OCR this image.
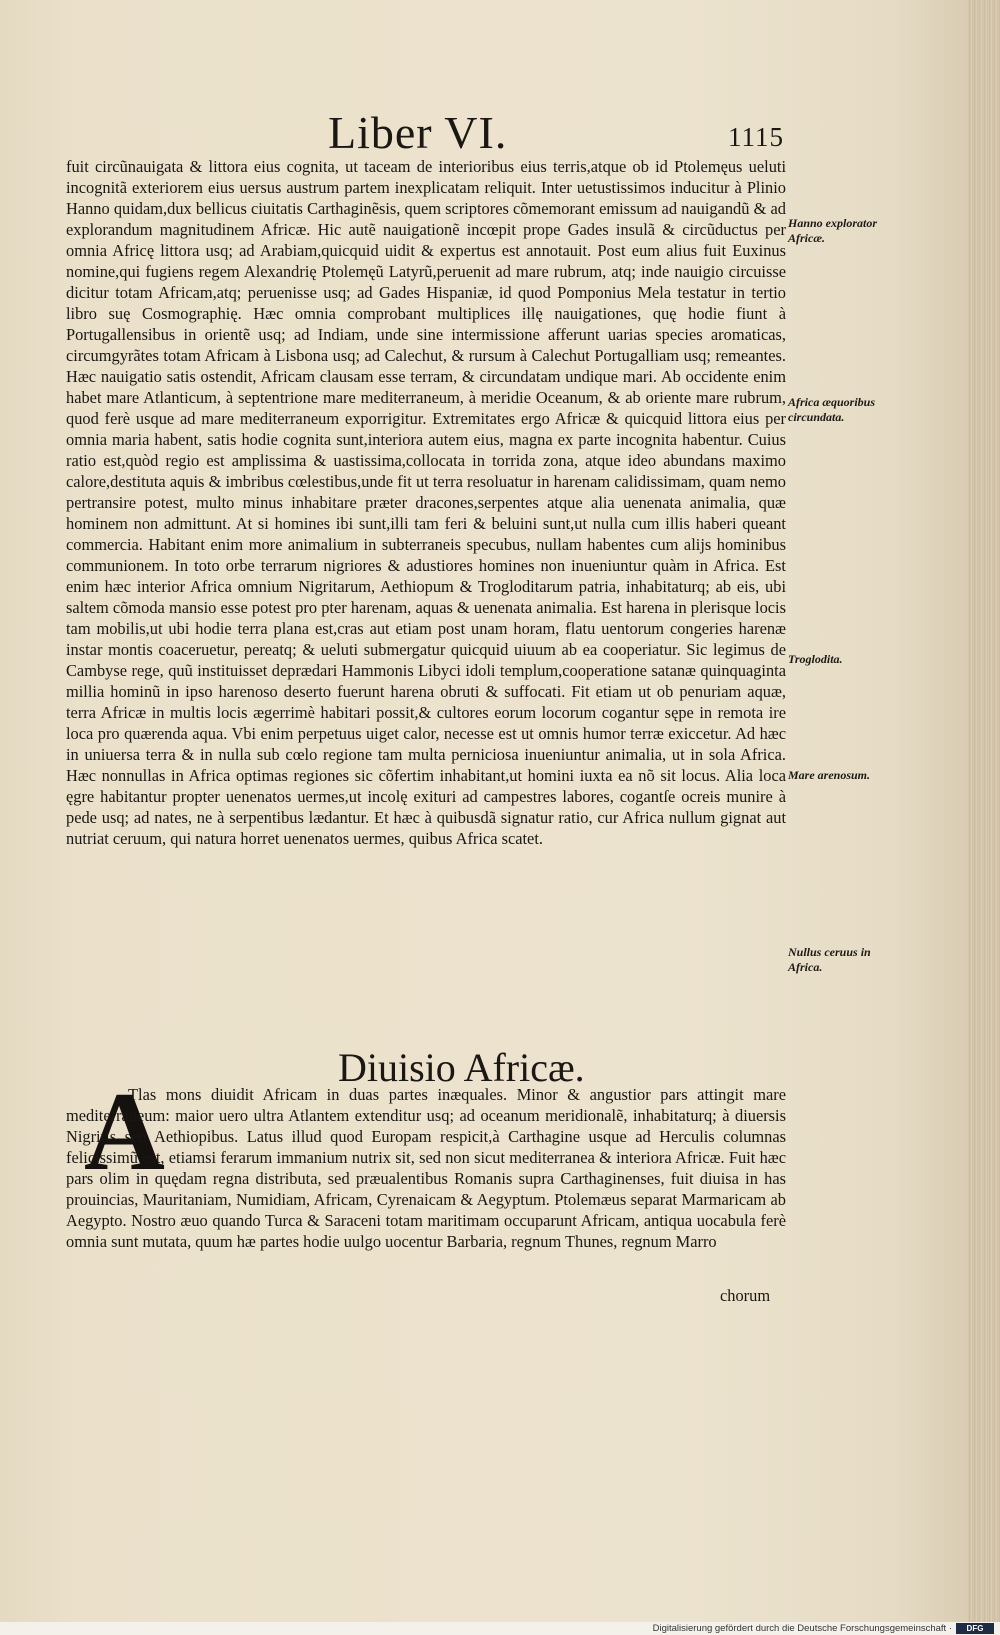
Liber VI.	1115

fuit circũnauigata & littora eius cognita, ut taceam de interioribus eius terris,atque ob id Ptolemęus ueluti incognitã exteriorem eius uersus austrum partem inexplicatam reliquit. Inter uetustissimos inducitur à Plinio Hanno quidam,dux bellicus ciuitatis Carthaginẽsis, quem scriptores cõmemorant emissum ad nauigandũ & ad explorandum magnitudinem Africæ. Hic autẽ nauigationẽ incœpit prope Gades insulã & circũductus per omnia Africę littora usq; ad Arabiam,quicquid uidit & expertus est annotauit. Post eum alius fuit Euxinus nomine,qui fugiens regem Alexandrię Ptolemęũ Latyrũ,peruenit ad mare rubrum, atq; inde nauigio circuisse dicitur totam Africam,atq; peruenisse usq; ad Gades Hispaniæ, id quod Pomponius Mela testatur in tertio libro suę Cosmographię. Hæc omnia comprobant multiplices illę nauigationes, quę hodie fiunt à Portugallensibus in orientẽ usq; ad Indiam, unde sine intermissione afferunt uarias species aromaticas, circumgyrãtes totam Africam à Lisbona usq; ad Calechut, & rursum à Calechut Portugalliam usq; remeantes. Hæc nauigatio satis ostendit, Africam clausam esse terram, & circundatam undique mari. Ab occidente enim habet mare Atlanticum, à septentrione mare mediterraneum, à meridie Oceanum, & ab oriente mare rubrum, quod ferè usque ad mare mediterraneum exporrigitur. Extremitates ergo Africæ & quicquid littora eius per omnia maria habent, satis hodie cognita sunt,interiora autem eius, magna ex parte incognita habentur. Cuius ratio est,quòd regio est amplissima & uastissima,collocata in torrida zona, atque ideo abundans maximo calore,destituta aquis & imbribus cœlestibus,unde fit ut terra resoluatur in harenam calidissimam, quam nemo pertransire potest, multo minus inhabitare præter dracones,serpentes atque alia uenenata animalia, quæ hominem non admittunt. At si homines ibi sunt,illi tam feri & beluini sunt,ut nulla cum illis haberi queant commercia. Habitant enim more animalium in subterraneis specubus, nullam habentes cum alijs hominibus communionem. In toto orbe terrarum nigriores & adustiores homines non inueniuntur quàm in Africa. Est enim hæc interior Africa omnium Nigritarum, Aethiopum & Trogloditarum patria, inhabitaturq; ab eis, ubi saltem cõmoda mansio esse potest pro pter harenam, aquas & uenenata animalia. Est harena in plerisque locis tam mobilis,ut ubi hodie terra plana est,cras aut etiam post unam horam, flatu uentorum congeries harenæ instar montis coaceruetur, pereatq; & ueluti submergatur quicquid uiuum ab ea cooperiatur. Sic legimus de Cambyse rege, quũ instituisset deprædari Hammonis Libyci idoli templum,cooperatione satanæ quinquaginta millia hominũ in ipso harenoso deserto fuerunt harena obruti & suffocati. Fit etiam ut ob penuriam aquæ, terra Africæ in multis locis ægerrimè habitari possit,& cultores eorum locorum cogantur sępe in remota ire loca pro quærenda aqua. Vbi enim perpetuus uiget calor, necesse est ut omnis humor terræ exiccetur. Ad hæc in uniuersa terra & in nulla sub cœlo regione tam multa perniciosa inueniuntur animalia, ut in sola Africa. Hæc nonnullas in Africa optimas regiones sic cõfertim inhabitant,ut homini iuxta ea nõ sit locus. Alia loca ęgre habitantur propter uenenatos uermes,ut incolę exituri ad campestres labores, cogantſe ocreis munire à pede usq; ad nates, ne à serpentibus lædantur. Et hæc à quibusdã signatur ratio, cur Africa nullum gignat aut nutriat ceruum, qui natura horret uenenatos uermes, quibus Africa scatet.

Hanno explorator Africæ.
Africa æquoribus circundata.
Troglodita.
Mare arenosum.
Nullus ceruus in Africa.
Diuisio Africæ.
A

Tlas mons diuidit Africam in duas partes inæquales. Minor & angustior pars attingit mare mediterraneum: maior uero ultra Atlantem extenditur usq; ad oceanum meridionalẽ, inhabitaturq; à diuersis Nigritis seu Aethiopibus. Latus illud quod Europam respicit,à Carthagine usque ad Herculis columnas felicissimũ est, etiamsi ferarum immanium nutrix sit, sed non sicut mediterranea & interiora Africæ. Fuit hæc pars olim in quędam regna distributa, sed præualentibus Romanis supra Carthaginenses, fuit diuisa in has prouincias, Mauritaniam, Numidiam, Africam, Cyrenaicam & Aegyptum. Ptolemæus separat Marmaricam ab Aegypto. Nostro æuo quando Turca & Saraceni totam maritimam occuparunt Africam, antiqua uocabula ferè omnia sunt mutata, quum hæ partes hodie uulgo uocentur Barbaria, regnum Thunes, regnum Marro

chorum
Digitalisierung gefördert durch die Deutsche Forschungsgemeinschaft ·	DFG
